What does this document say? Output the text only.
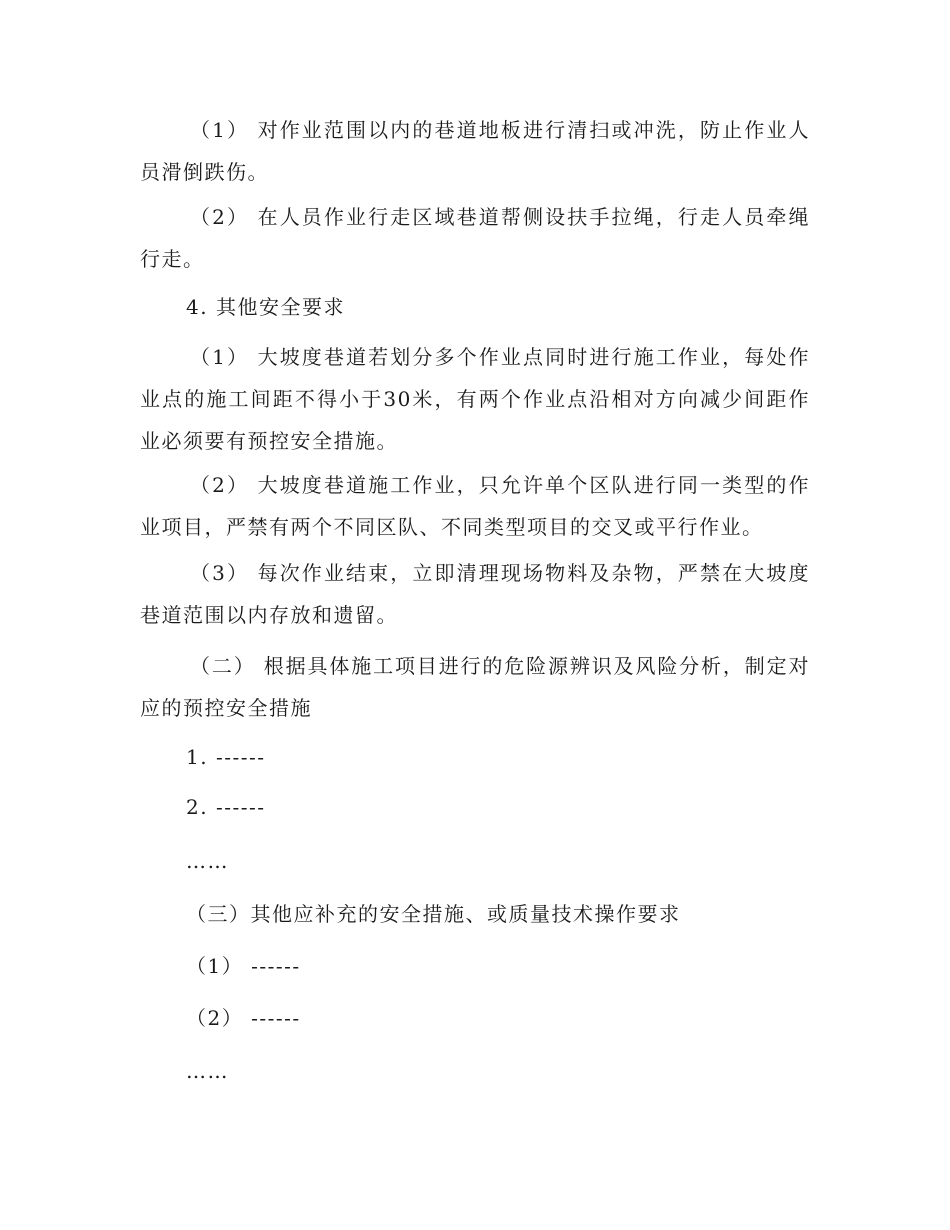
（1） 对作业范围以内的巷道地板进行清扫或冲洗，防止作业人员滑倒跌伤。

（2） 在人员作业行走区域巷道帮侧设扶手拉绳，行走人员牵绳行走。

4. 其他安全要求

（1） 大坡度巷道若划分多个作业点同时进行施工作业，每处作业点的施工间距不得小于30米，有两个作业点沿相对方向减少间距作业必须要有预控安全措施。

（2） 大坡度巷道施工作业，只允许单个区队进行同一类型的作业项目，严禁有两个不同区队、不同类型项目的交叉或平行作业。

（3） 每次作业结束，立即清理现场物料及杂物，严禁在大坡度巷道范围以内存放和遗留。

（二） 根据具体施工项目进行的危险源辨识及风险分析，制定对应的预控安全措施

1. ------

2. ------

……

（三）其他应补充的安全措施、或质量技术操作要求

（1） ------

（2） ------

……
